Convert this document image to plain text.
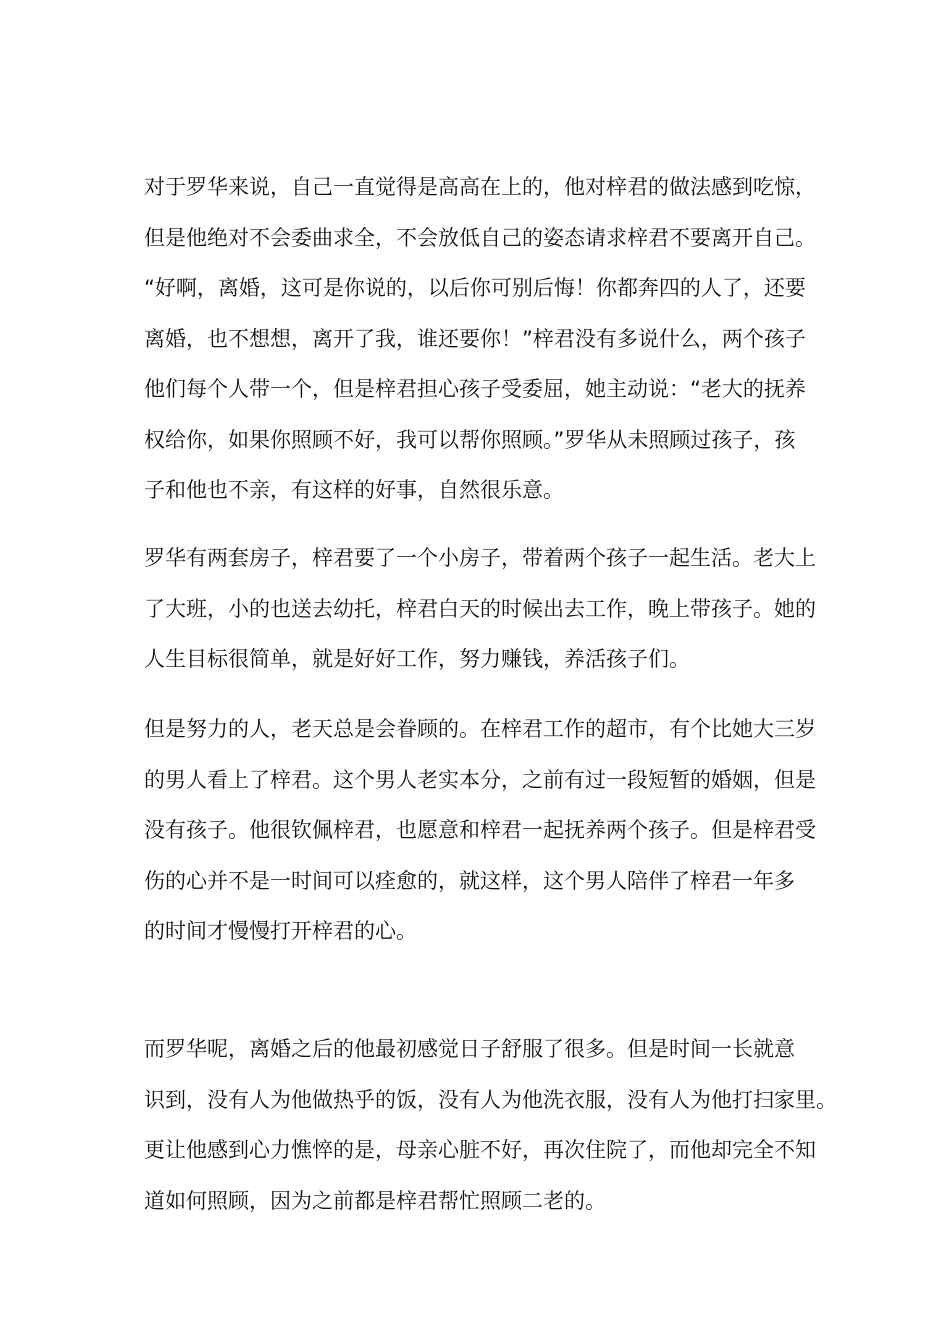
对于罗华来说，自己一直觉得是高高在上的，他对梓君的做法感到吃惊，
但是他绝对不会委曲求全，不会放低自己的姿态请求梓君不要离开自己。
“好啊，离婚，这可是你说的，以后你可别后悔！你都奔四的人了，还要
离婚，也不想想，离开了我，谁还要你！”梓君没有多说什么，两个孩子
他们每个人带一个，但是梓君担心孩子受委屈，她主动说：“老大的抚养
权给你，如果你照顾不好，我可以帮你照顾。”罗华从未照顾过孩子，孩
子和他也不亲，有这样的好事，自然很乐意。

罗华有两套房子，梓君要了一个小房子，带着两个孩子一起生活。老大上
了大班，小的也送去幼托，梓君白天的时候出去工作，晚上带孩子。她的
人生目标很简单，就是好好工作，努力赚钱，养活孩子们。

但是努力的人，老天总是会眷顾的。在梓君工作的超市，有个比她大三岁
的男人看上了梓君。这个男人老实本分，之前有过一段短暂的婚姻，但是
没有孩子。他很钦佩梓君，也愿意和梓君一起抚养两个孩子。但是梓君受
伤的心并不是一时间可以痊愈的，就这样，这个男人陪伴了梓君一年多
的时间才慢慢打开梓君的心。

而罗华呢，离婚之后的他最初感觉日子舒服了很多。但是时间一长就意
识到，没有人为他做热乎的饭，没有人为他洗衣服，没有人为他打扫家里。
更让他感到心力憔悴的是，母亲心脏不好，再次住院了，而他却完全不知
道如何照顾，因为之前都是梓君帮忙照顾二老的。
